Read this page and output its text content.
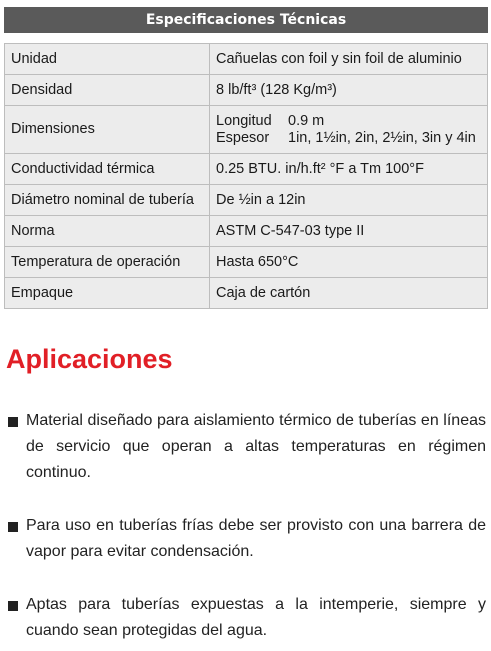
Especificaciones Técnicas
Unidad	Cañuelas con foil y sin foil de aluminio
Densidad	8 lb/ft³ (128 Kg/m³)
Dimensiones	Longitud 0.9 m
Espesor 1in, 1½in, 2in, 2½in, 3in y 4in

Conductividad térmica	0.25 BTU. in/h.ft² °F a Tm 100°F
Diámetro nominal de tubería	De ½in a 12in
Norma	ASTM C-547-03 type II
Temperatura de operación	Hasta 650°C
Empaque	Caja de cartón
Aplicaciones
Material diseñado para aislamiento térmico de tuberías en líneas de servicio que operan a altas temperaturas en régimen continuo.
Para uso en tuberías frías debe ser provisto con una barrera de vapor para evitar condensación.
Aptas para tuberías expuestas a la intemperie, siempre y cuando sean protegidas del agua.
